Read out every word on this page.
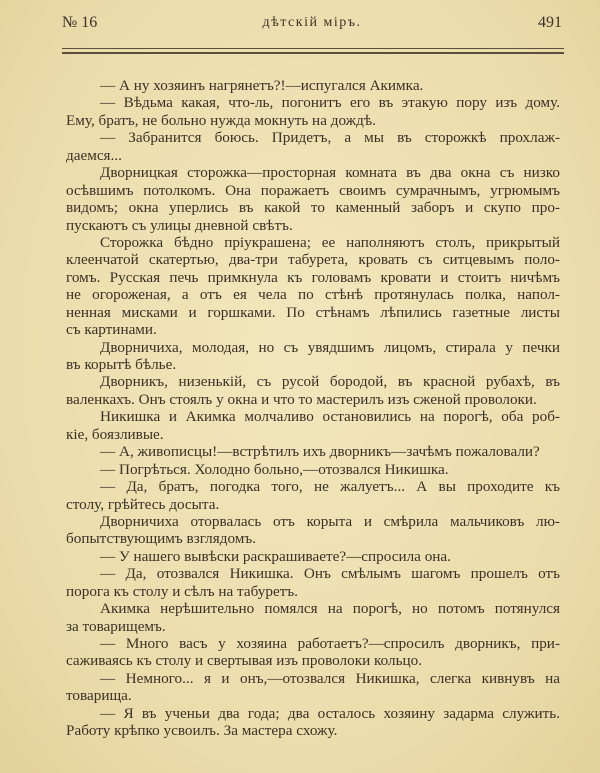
№ 16	дѣтскій міръ.	491
— А ну хозяинъ нагрянетъ?!—испугался Акимка.
— Вѣдьма какая, что-ль, погонитъ его въ этакую пору изъ дому.
Ему, братъ, не больно нужда мокнуть на дождѣ.
— Забранится боюсь. Придетъ, а мы въ сторожкѣ прохлаж-
даемся...
Дворницкая сторожка—просторная комната въ два окна съ низко
осѣвшимъ потолкомъ. Она поражаетъ своимъ сумрачнымъ, угрюмымъ
видомъ; окна уперлись въ какой то каменный заборъ и скупо про-
пускаютъ съ улицы дневной свѣтъ.
Сторожка бѣдно пріукрашена; ее наполняютъ столъ, прикрытый
клеенчатой скатертью, два-три табурета, кровать съ ситцевымъ поло-
гомъ. Русская печь примкнула къ головамъ кровати и стоитъ ничѣмъ
не огороженая, а отъ ея чела по стѣнѣ протянулась полка, напол-
ненная мисками и горшками. По стѣнамъ лѣпились газетные листы
съ картинами.
Дворничиха, молодая, но съ увядшимъ лицомъ, стирала у печки
въ корытѣ бѣлье.
Дворникъ, низенькій, съ русой бородой, въ красной рубахѣ, въ
валенкахъ. Онъ стоялъ у окна и что то мастерилъ изъ сженой проволоки.
Никишка и Акимка молчаливо остановились на порогѣ, оба роб-
кіе, боязливые.
— А, живописцы!—встрѣтилъ ихъ дворникъ—зачѣмъ пожаловали?
— Погрѣться. Холодно больно,—отозвался Никишка.
— Да, братъ, погодка того, не жалуетъ... А вы проходите къ
столу, грѣйтесь досыта.
Дворничиха оторвалась отъ корыта и смѣрила мальчиковъ лю-
бопытствующимъ взглядомъ.
— У нашего вывѣски раскрашиваете?—спросила она.
— Да, отозвался Никишка. Онъ смѣлымъ шагомъ прошелъ отъ
порога къ столу и сѣлъ на табуретъ.
Акимка нерѣшительно помялся на порогѣ, но потомъ потянулся
за товарищемъ.
— Много васъ у хозяина работаетъ?—спросилъ дворникъ, при-
саживаясь къ столу и свертывая изъ проволоки кольцо.
— Немного... я и онъ,—отозвался Никишка, слегка кивнувъ на
товарища.
— Я въ ученьи два года; два осталось хозяину задарма служить.
Работу крѣпко усвоилъ. За мастера схожу.
